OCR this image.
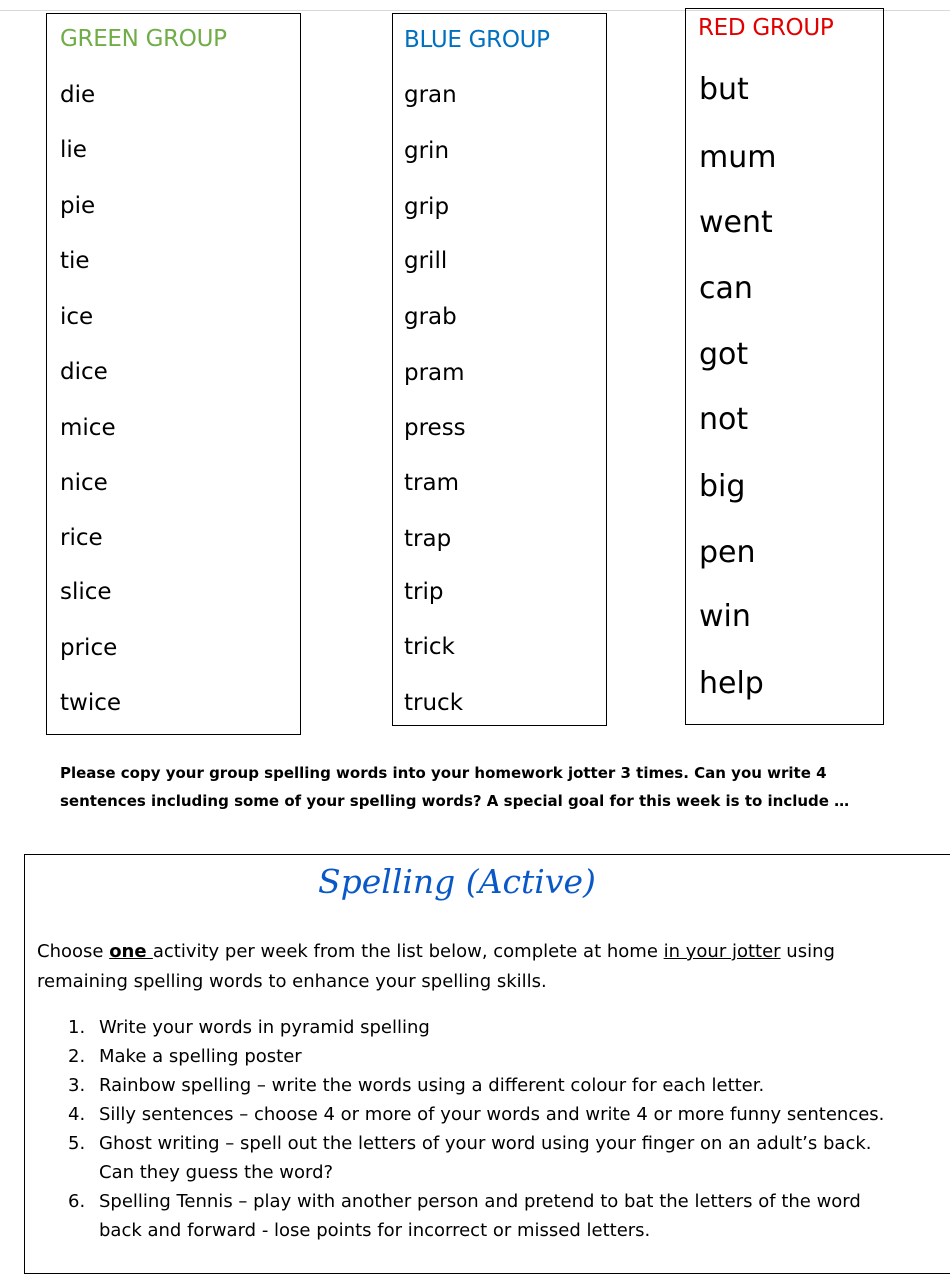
GREEN GROUP
die
lie
pie
tie
ice
dice
mice
nice
rice
slice
price
twice
BLUE GROUP
gran
grin
grip
grill
grab
pram
press
tram
trap
trip
trick
truck
RED GROUP
but
mum
went
can
got
not
big
pen
win
help
Please copy your group spelling words into your homework jotter 3 times. Can you write 4
sentences including some of your spelling words? A special goal for this week is to include …
Spelling (Active)
Choose one activity per week from the list below, complete at home in your jotter using
remaining spelling words to enhance your spelling skills.
1. Write your words in pyramid spelling
2. Make a spelling poster
3. Rainbow spelling – write the words using a different colour for each letter.
4. Silly sentences – choose 4 or more of your words and write 4 or more funny sentences.
5. Ghost writing – spell out the letters of your word using your finger on an adult’s back.
Can they guess the word?
6. Spelling Tennis – play with another person and pretend to bat the letters of the word
back and forward - lose points for incorrect or missed letters.
